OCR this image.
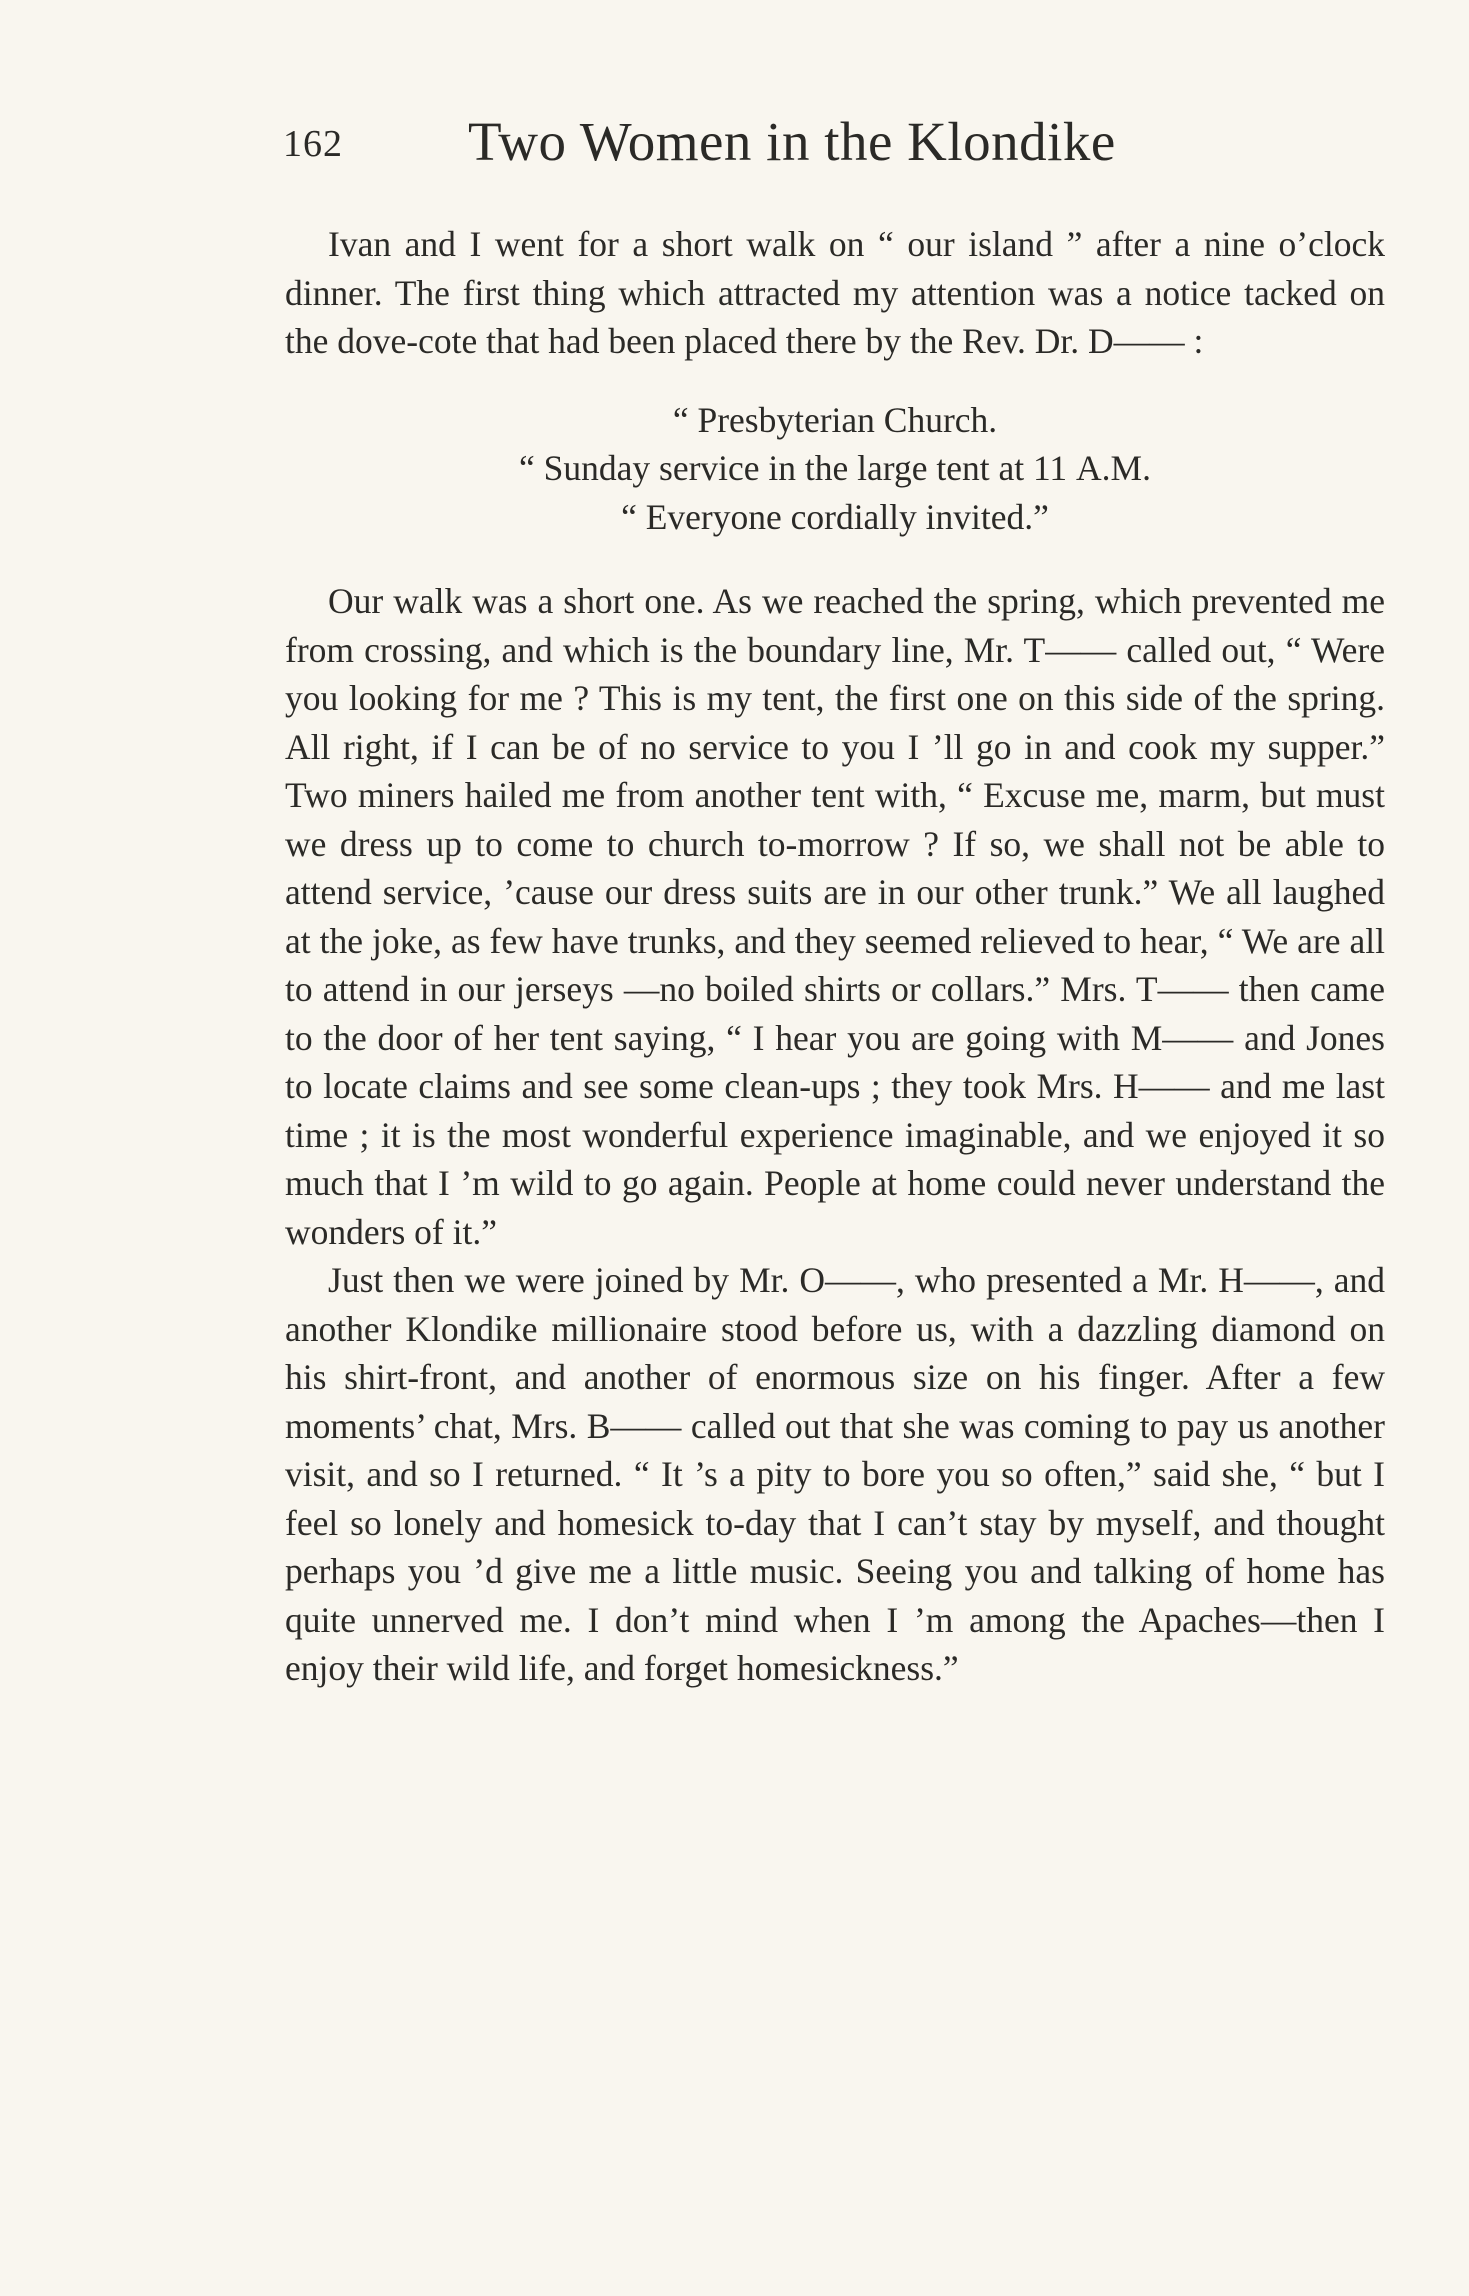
162 Two Women in the Klondike

Ivan and I went for a short walk on “ our island ” after a nine o’clock dinner. The first thing which attracted my attention was a notice tacked on the dove-cote that had been placed there by the Rev. Dr. D—— :

“ Presbyterian Church.

“ Sunday service in the large tent at 11 A.M.

“ Everyone cordially invited.”

Our walk was a short one. As we reached the spring, which prevented me from crossing, and which is the boundary line, Mr. T—— called out, “ Were you looking for me ? This is my tent, the first one on this side of the spring. All right, if I can be of no service to you I ’ll go in and cook my supper.” Two miners hailed me from another tent with, “ Excuse me, marm, but must we dress up to come to church to-morrow ? If so, we shall not be able to attend service, ’cause our dress suits are in our other trunk.” We all laughed at the joke, as few have trunks, and they seemed relieved to hear, “ We are all to attend in our jerseys —no boiled shirts or collars.” Mrs. T—— then came to the door of her tent saying, “ I hear you are going with M—— and Jones to locate claims and see some clean-ups ; they took Mrs. H—— and me last time ; it is the most wonderful experience imaginable, and we enjoyed it so much that I ’m wild to go again. People at home could never understand the wonders of it.”

Just then we were joined by Mr. O——, who presented a Mr. H——, and another Klondike millionaire stood before us, with a dazzling diamond on his shirt-front, and another of enormous size on his finger. After a few moments’ chat, Mrs. B—— called out that she was coming to pay us another visit, and so I returned. “ It ’s a pity to bore you so often,” said she, “ but I feel so lonely and homesick to-day that I can’t stay by myself, and thought perhaps you ’d give me a little music. Seeing you and talking of home has quite unnerved me. I don’t mind when I ’m among the Apaches—then I enjoy their wild life, and forget homesickness.”
